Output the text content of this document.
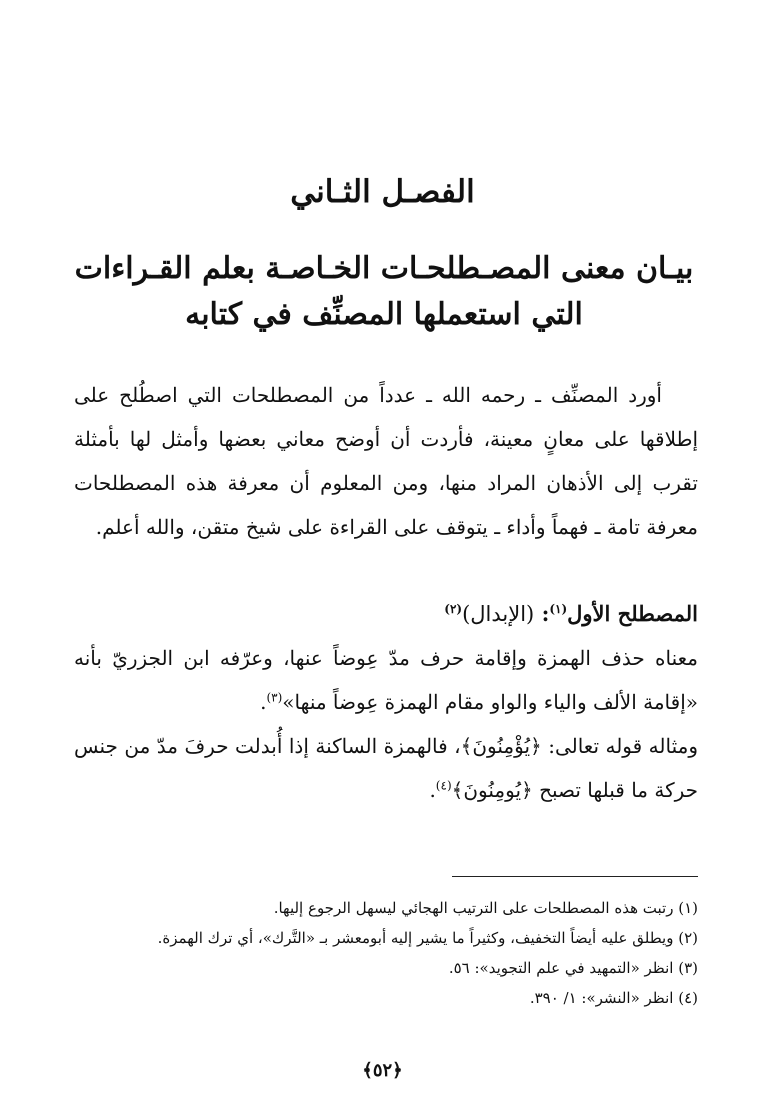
الفصـل الثـاني
بيـان معنى المصـطلحـات الخـاصـة بعلم القـراءات التي استعملها المصنِّف في كتابه
أورد المصنِّف ـ رحمه الله ـ عدداً من المصطلحات التي اصطُلح على إطلاقها على معانٍ معينة، فأردت أن أوضح معاني بعضها وأمثل لها بأمثلة تقرب إلى الأذهان المراد منها، ومن المعلوم أن معرفة هذه المصطلحات معرفة تامة ـ فهماً وأداء ـ يتوقف على القراءة على شيخ متقن، والله أعلم.
المصطلح الأول$^{(١)}$: (الإبدال)$^{(٢)}$
معناه حذف الهمزة وإقامة حرف مدّ عِوضاً عنها، وعرّفه ابن الجزريّ بأنه «إقامة الألف والياء والواو مقام الهمزة عِوضاً منها»$^{(٣)}$.
ومثاله قوله تعالى: ﴿يُؤْمِنُونَ﴾، فالهمزة الساكنة إذا أُبدلت حرفَ مدّ من جنس حركة ما قبلها تصبح ﴿يُومِنُونَ﴾$^{(٤)}$.
(١) رتبت هذه المصطلحات على الترتيب الهجائي ليسهل الرجوع إليها.
(٢) ويطلق عليه أيضاً التخفيف، وكثيراً ما يشير إليه أبومعشر بـ «التَّرك»، أي ترك الهمزة.
(٣) انظر «التمهيد في علم التجويد»: ٥٦.
(٤) انظر «النشر»: ١/ ٣٩٠.
﴿٥٢﴾
